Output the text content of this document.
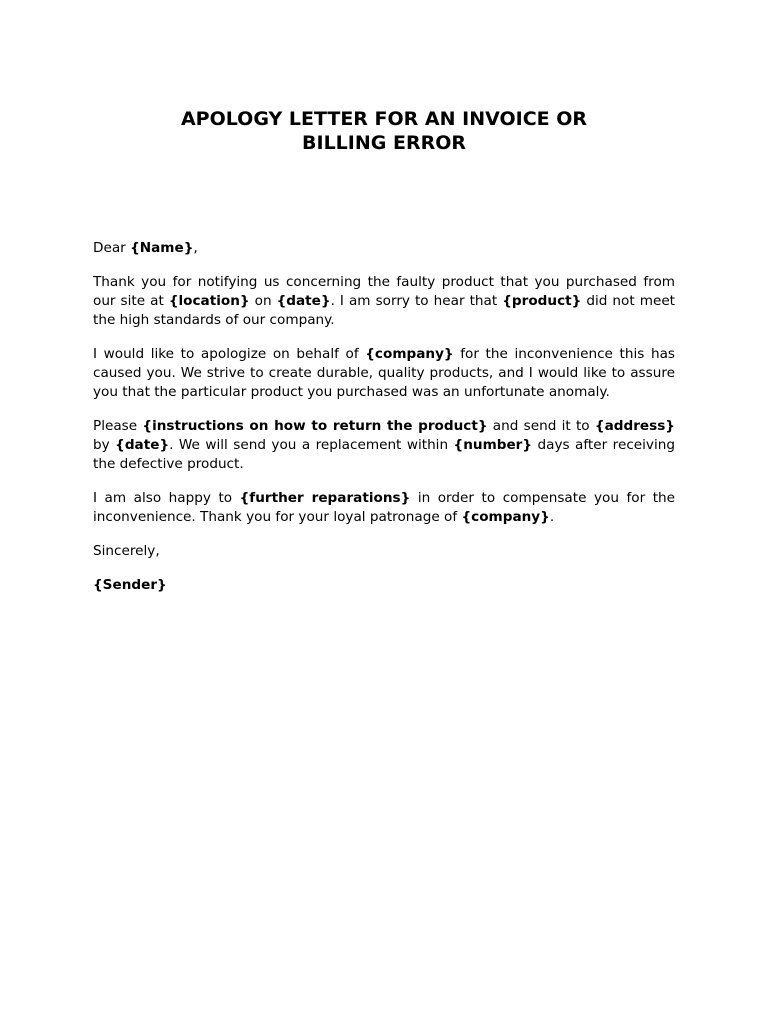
APOLOGY LETTER FOR AN INVOICE OR
BILLING ERROR

Dear {Name},

Thank you for notifying us concerning the faulty product that you purchased from our site at {location} on {date}. I am sorry to hear that {product} did not meet the high standards of our company.

I would like to apologize on behalf of {company} for the inconvenience this has caused you. We strive to create durable, quality products, and I would like to assure you that the particular product you purchased was an unfortunate anomaly.

Please {instructions on how to return the product} and send it to {address} by {date}. We will send you a replacement within {number} days after receiving the defective product.

I am also happy to {further reparations} in order to compensate you for the inconvenience. Thank you for your loyal patronage of {company}.

Sincerely,

{Sender}
